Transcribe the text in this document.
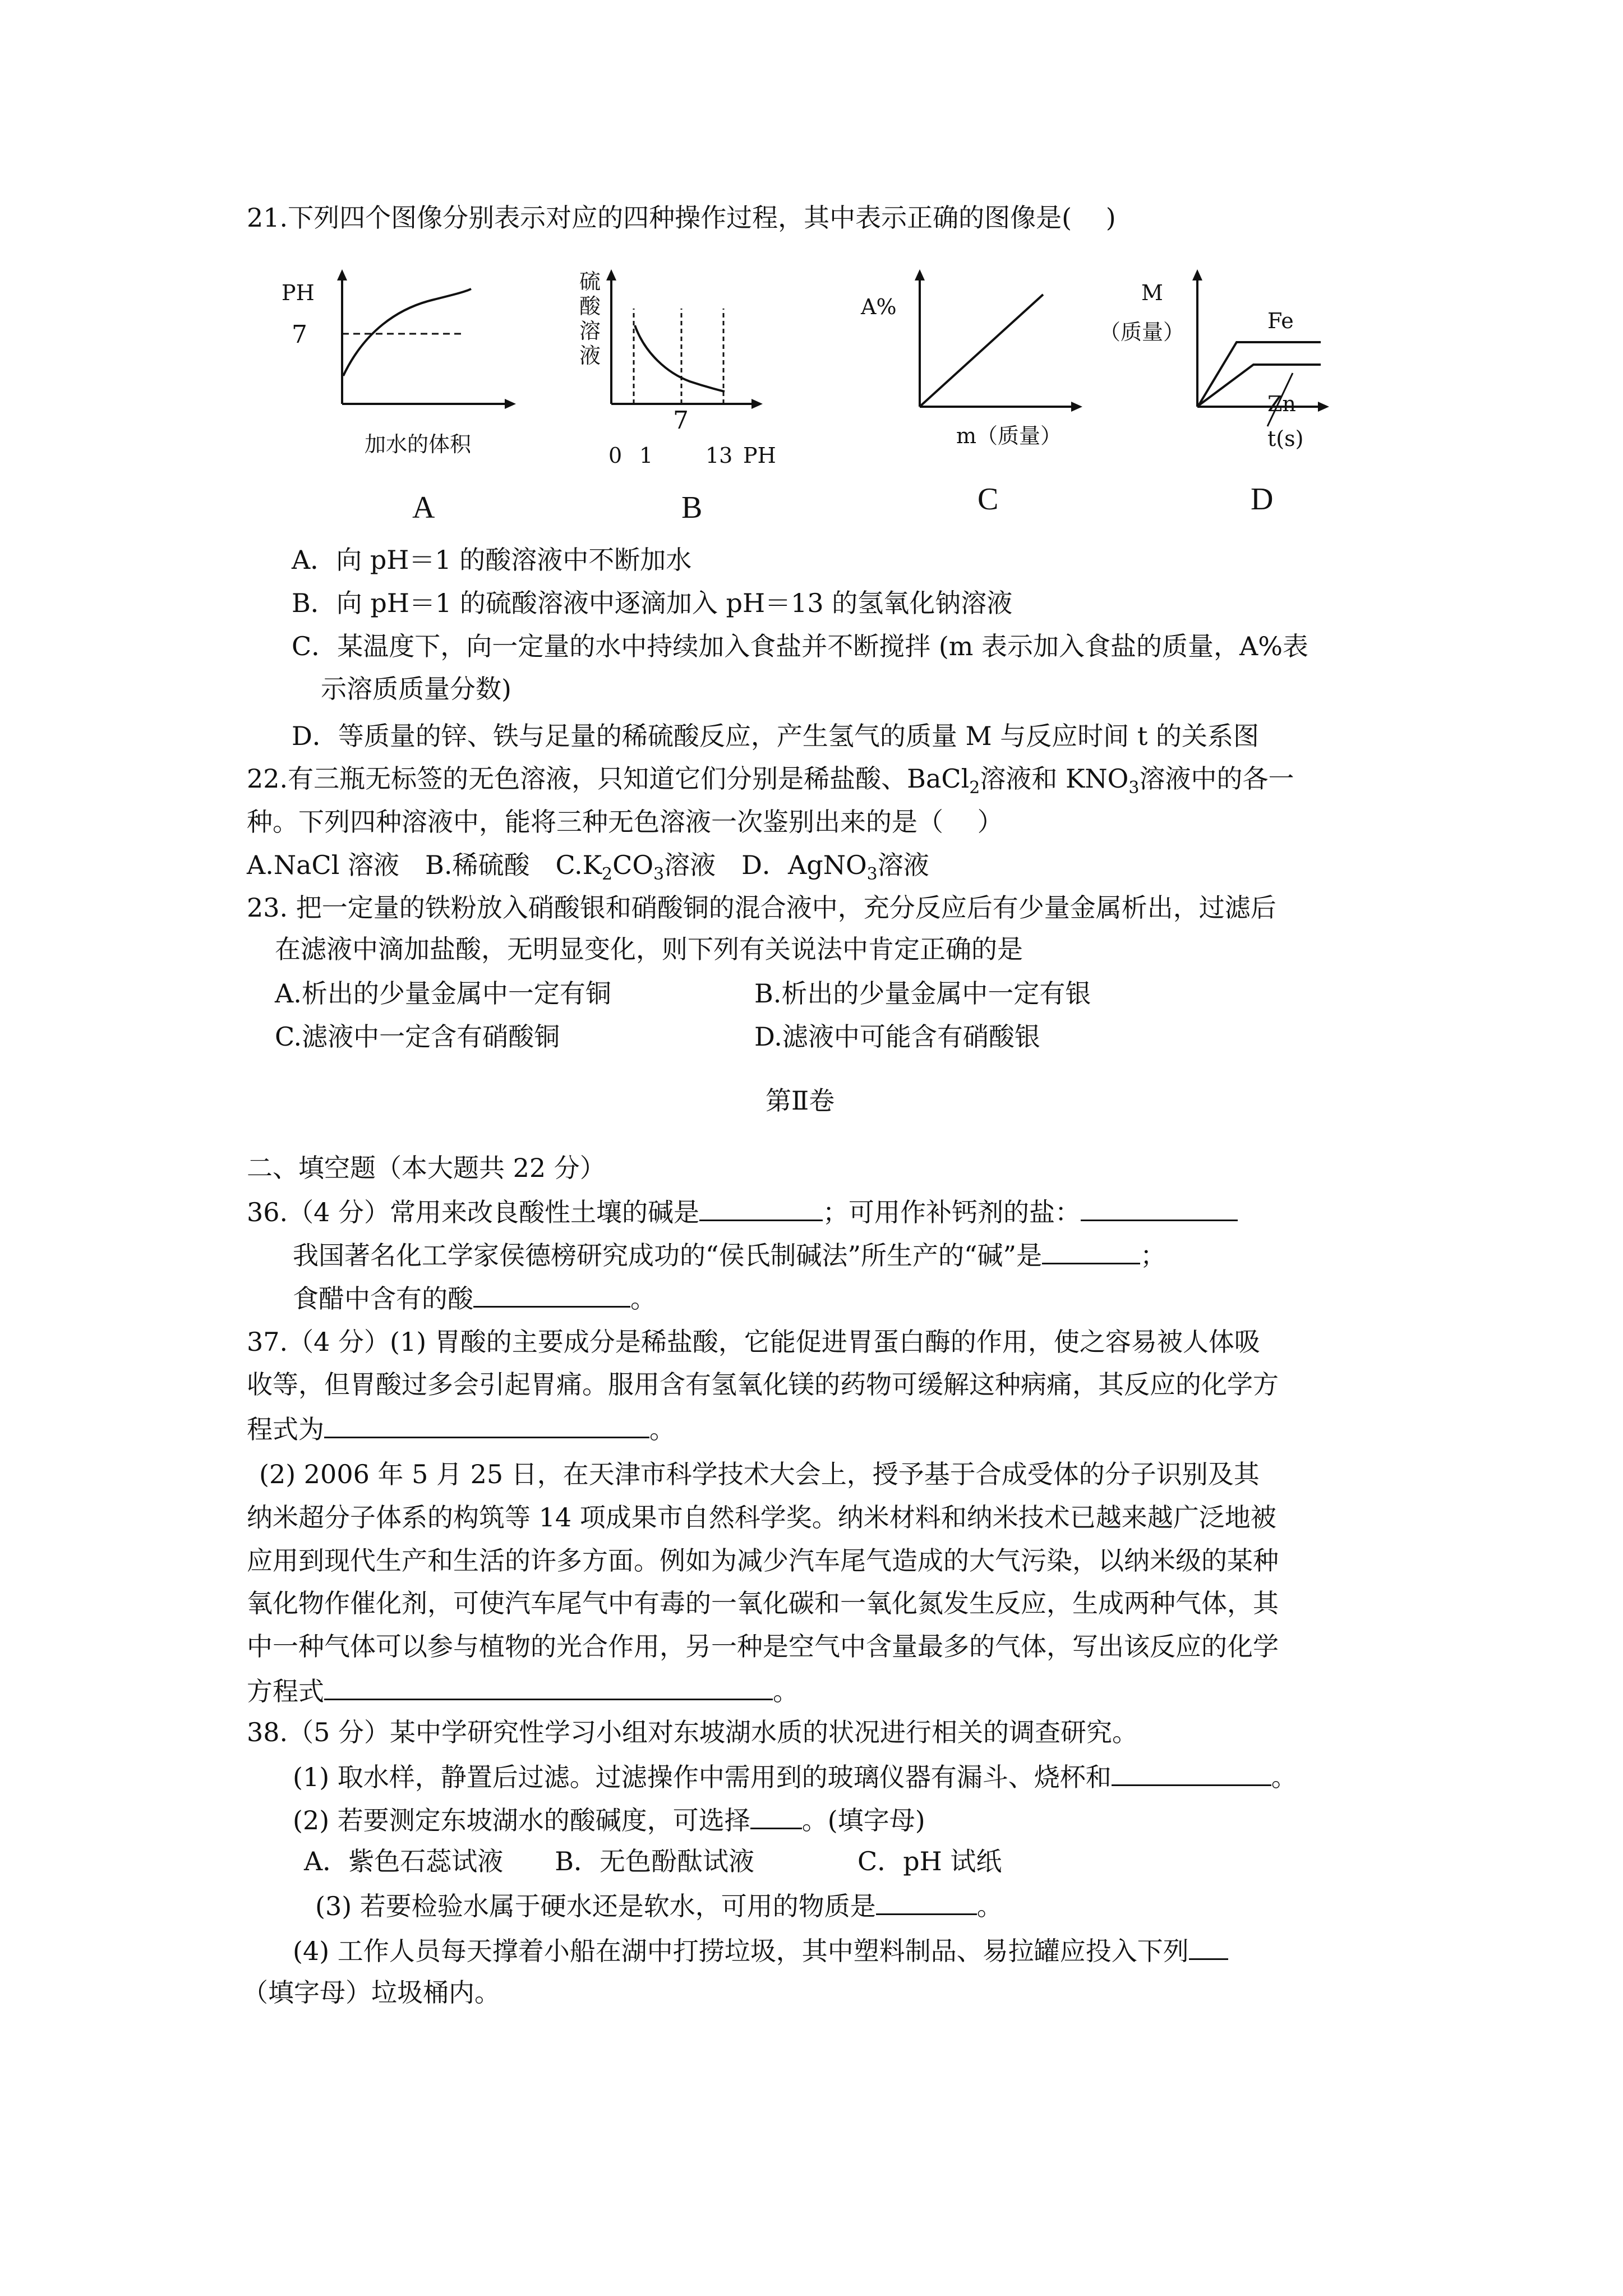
21.下列四个图像分别表示对应的四种操作过程，其中表示正确的图像是(　 )
PH
7
加水的体积
A
硫
酸
溶
液
7
0 1 13 PH
B
A%
m（质量）
C
M
（质量）	Fe
Zn
t(s)
D
A．向 pH＝1 的酸溶液中不断加水
B．向 pH＝1 的硫酸溶液中逐滴加入 pH＝13 的氢氧化钠溶液
C．某温度下，向一定量的水中持续加入食盐并不断搅拌 (m 表示加入食盐的质量，A%表
示溶质质量分数)
D．等质量的锌、铁与足量的稀硫酸反应，产生氢气的质量 M 与反应时间 t 的关系图
22.有三瓶无标签的无色溶液，只知道它们分别是稀盐酸、BaCl$_2$溶液和 $KNO_3$溶液中的各一
种。下列四种溶液中，能将三种无色溶液一次鉴别出来的是（　 ）
A.NaCl 溶液　B.稀硫酸　$C.K_2CO_3$溶液　D．AgNO$_3$溶液
23. 把一定量的铁粉放入硝酸银和硝酸铜的混合液中，充分反应后有少量金属析出，过滤后
在滤液中滴加盐酸，无明显变化，则下列有关说法中肯定正确的是
A.析出的少量金属中一定有铜	B.析出的少量金属中一定有银
C.滤液中一定含有硝酸铜	D.滤液中可能含有硝酸银
第Ⅱ卷
二、填空题（本大题共 22 分）
36.（4 分）常用来改良酸性土壤的碱是	；可用作补钙剂的盐：
我国著名化工学家侯德榜研究成功的“侯氏制碱法”所生产的“碱”是	；
食醋中含有的酸	。
37.（4 分）(1) 胃酸的主要成分是稀盐酸，它能促进胃蛋白酶的作用，使之容易被人体吸
收等，但胃酸过多会引起胃痛。服用含有氢氧化镁的药物可缓解这种病痛，其反应的化学方
程式为	。
(2) 2006 年 5 月 25 日，在天津市科学技术大会上，授予基于合成受体的分子识别及其
纳米超分子体系的构筑等 14 项成果市自然科学奖。纳米材料和纳米技术已越来越广泛地被
应用到现代生产和生活的许多方面。例如为减少汽车尾气造成的大气污染，以纳米级的某种
氧化物作催化剂，可使汽车尾气中有毒的一氧化碳和一氧化氮发生反应，生成两种气体，其
中一种气体可以参与植物的光合作用，另一种是空气中含量最多的气体，写出该反应的化学
方程式	。
38.（5 分）某中学研究性学习小组对东坡湖水质的状况进行相关的调查研究。
(1) 取水样，静置后过滤。过滤操作中需用到的玻璃仪器有漏斗、烧杯和	。
(2) 若要测定东坡湖水的酸碱度，可选择 。(填字母)
A．紫色石蕊试液　　B．无色酚酞试液　　　　C．pH 试纸
(3) 若要检验水属于硬水还是软水，可用的物质是	。
(4) 工作人员每天撑着小船在湖中打捞垃圾，其中塑料制品、易拉罐应投入下列
（填字母）垃圾桶内。
